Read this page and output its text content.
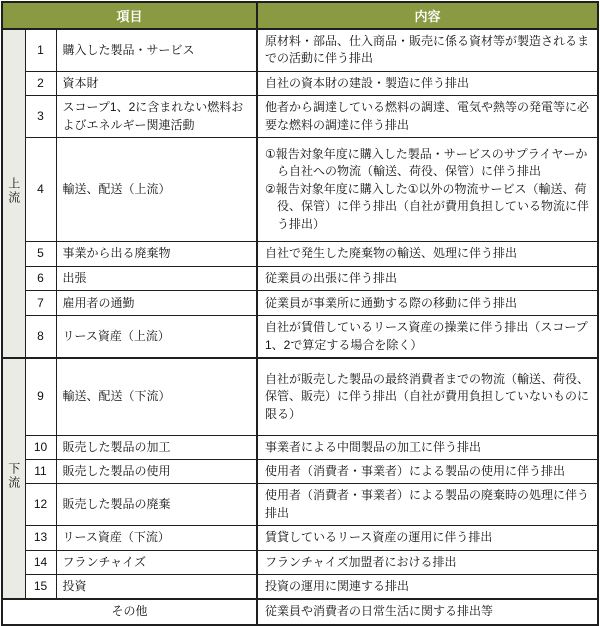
項目			内容
上流	1	購入した製品・サービス	原材料・部品、仕入商品・販売に係る資材等が製造されるまでの活動に伴う排出

	2	資本財	自社の資本財の建設・製造に伴う排出

	3	スコープ1、2に含まれない燃料およびエネルギー関連活動	他者から調達している燃料の調達、電気や熱等の発電等に必要な燃料の調達に伴う排出

	4	輸送、配送（上流）	①報告対象年度に購入した製品・サービスのサプライヤーから自社への物流（輸送、荷役、保管）に伴う排出
②報告対象年度に購入した①以外の物流サービス（輸送、荷役、保管）に伴う排出（自社が費用負担している物流に伴う排出）

	5	事業から出る廃棄物	自社で発生した廃棄物の輸送、処理に伴う排出

	6	出張	従業員の出張に伴う排出

	7	雇用者の通勤	従業員が事業所に通勤する際の移動に伴う排出

	8	リース資産（上流）	自社が賃借しているリース資産の操業に伴う排出（スコープ1、2で算定する場合を除く）

下流	9	輸送、配送（下流）	自社が販売した製品の最終消費者までの物流（輸送、荷役、保管、販売）に伴う排出（自社が費用負担していないものに限る）

	10	販売した製品の加工	事業者による中間製品の加工に伴う排出

	11	販売した製品の使用	使用者（消費者・事業者）による製品の使用に伴う排出

	12	販売した製品の廃棄	使用者（消費者・事業者）による製品の廃棄時の処理に伴う排出

	13	リース資産（下流）	賃貸しているリース資産の運用に伴う排出

	14	フランチャイズ	フランチャイズ加盟者における排出

	15	投資	投資の運用に関連する排出

その他			従業員や消費者の日常生活に関する排出等
